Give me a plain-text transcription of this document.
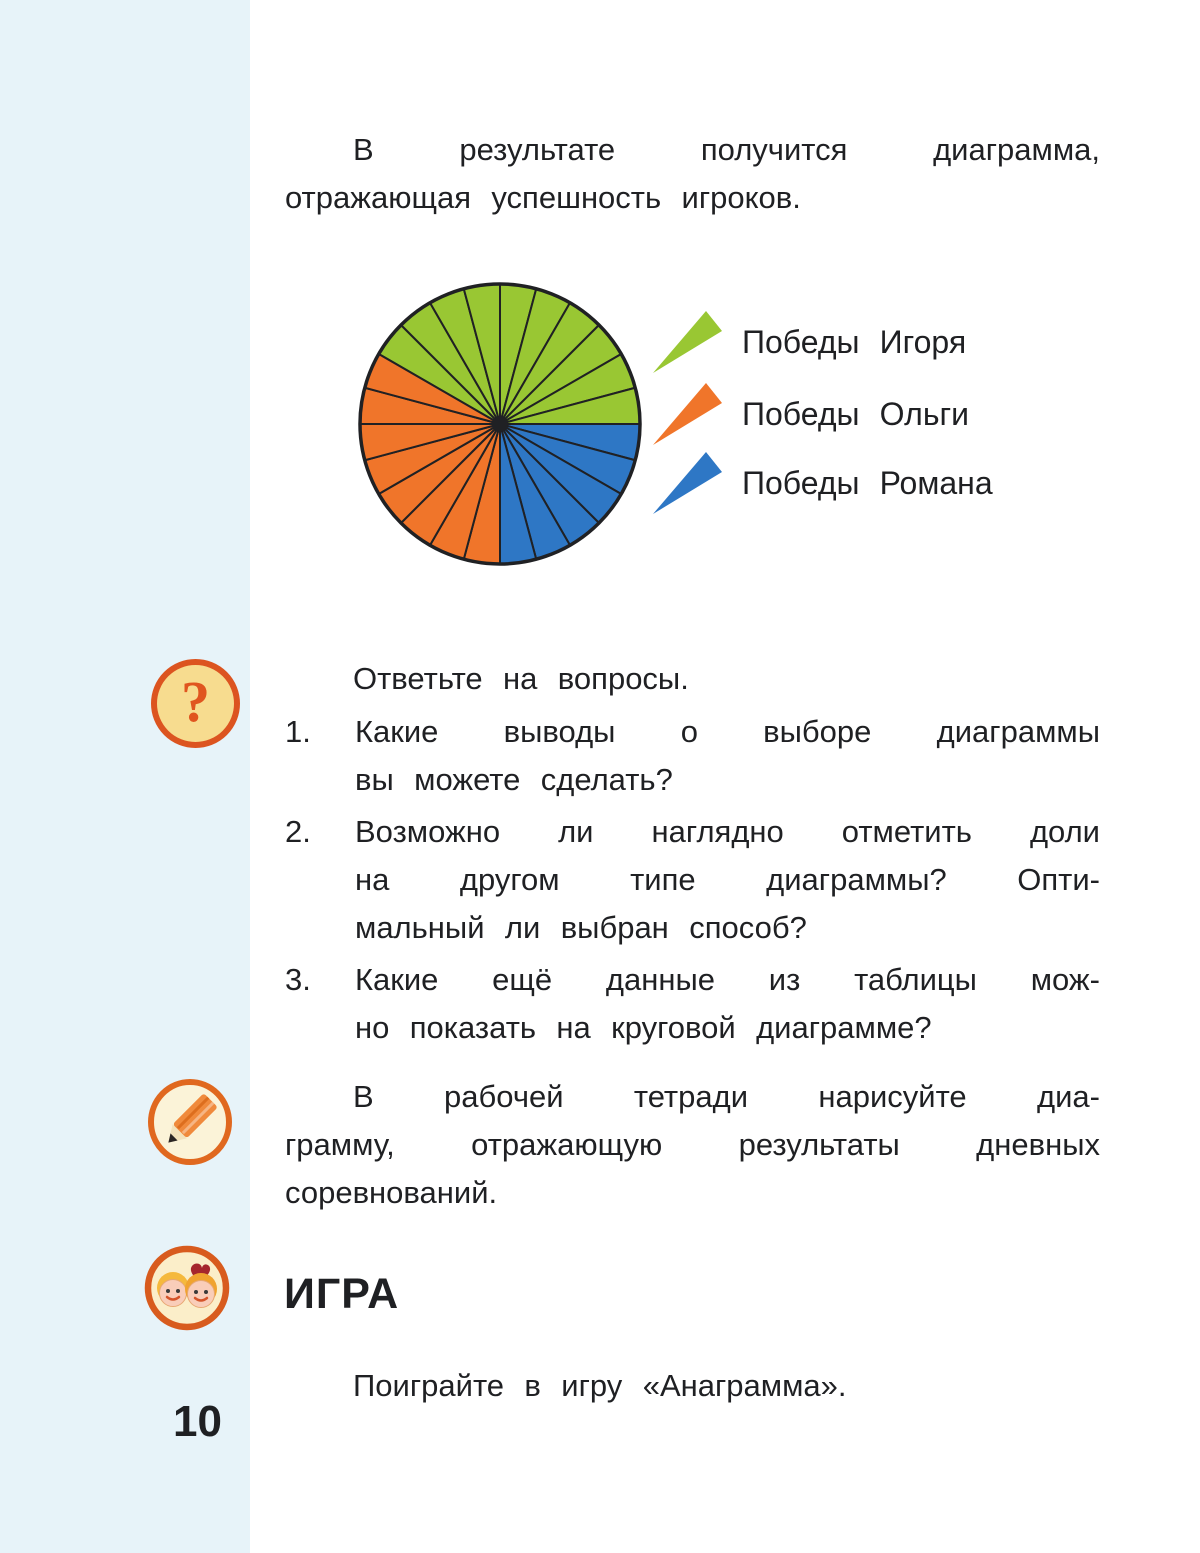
В результате получится диаграмма,
отражающая успешность игроков.
Победы Игоря
Победы Ольги
Победы Романа
?	Ответьте на вопросы.
1.	Какие выводы о выборе диаграммы
вы можете сделать?
2.	Возможно ли наглядно отметить доли
на другом типе диаграммы? Опти-
мальный ли выбран способ?
3.	Какие ещё данные из таблицы мож-
но показать на круговой диаграмме?
В рабочей тетради нарисуйте диа-
грамму, отражающую результаты дневных
соревнований.
ИГРА
Поиграйте в игру «Анаграмма».
10
